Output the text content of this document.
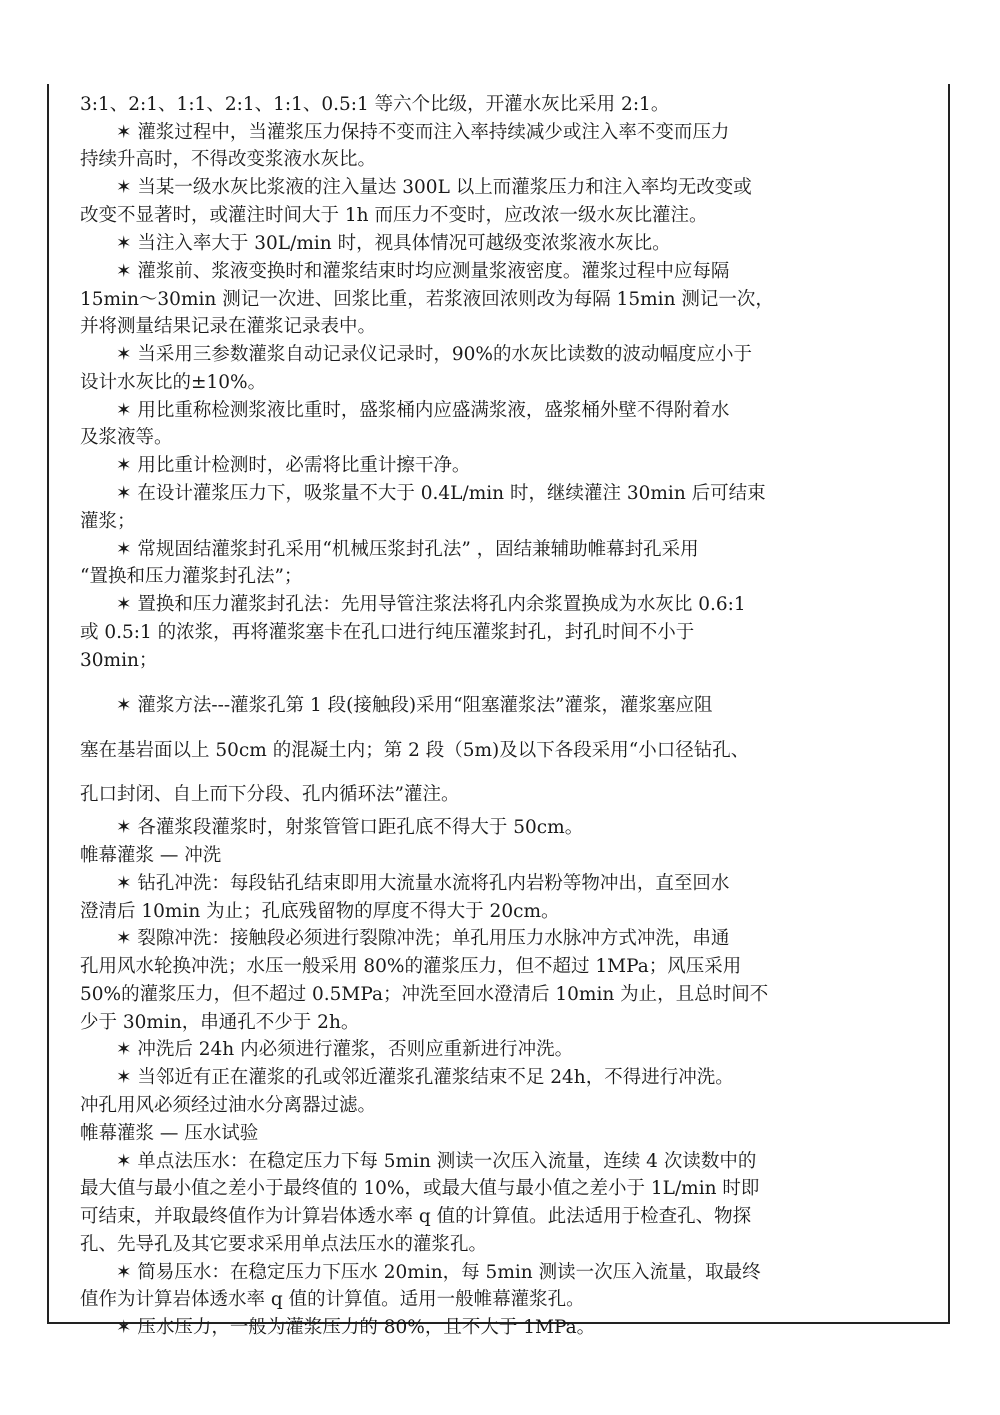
3:1、2:1、1:1、2:1、1:1、0.5:1 等六个比级，开灌水灰比采用 2:1。
✶ 灌浆过程中，当灌浆压力保持不变而注入率持续减少或注入率不变而压力
持续升高时，不得改变浆液水灰比。
✶ 当某一级水灰比浆液的注入量达 300L 以上而灌浆压力和注入率均无改变或
改变不显著时，或灌注时间大于 1h 而压力不变时，应改浓一级水灰比灌注。
✶ 当注入率大于 30L/min 时，视具体情况可越级变浓浆液水灰比。
✶ 灌浆前、浆液变换时和灌浆结束时均应测量浆液密度。灌浆过程中应每隔
15min～30min 测记一次进、回浆比重，若浆液回浓则改为每隔 15min 测记一次，
并将测量结果记录在灌浆记录表中。
✶ 当采用三参数灌浆自动记录仪记录时，90%的水灰比读数的波动幅度应小于
设计水灰比的±10%。
✶ 用比重称检测浆液比重时，盛浆桶内应盛满浆液，盛浆桶外壁不得附着水
及浆液等。
✶ 用比重计检测时，必需将比重计擦干净。
✶ 在设计灌浆压力下，吸浆量不大于 0.4L/min 时，继续灌注 30min 后可结束
灌浆；
✶ 常规固结灌浆封孔采用“机械压浆封孔法” ，固结兼辅助帷幕封孔采用
“置换和压力灌浆封孔法”；
✶ 置换和压力灌浆封孔法：先用导管注浆法将孔内余浆置换成为水灰比 0.6:1
或 0.5:1 的浓浆，再将灌浆塞卡在孔口进行纯压灌浆封孔，封孔时间不小于
30min；
✶ 灌浆方法---灌浆孔第 1 段(接触段)采用“阻塞灌浆法”灌浆，灌浆塞应阻
塞在基岩面以上 50cm 的混凝土内；第 2 段（5m)及以下各段采用“小口径钻孔、
孔口封闭、自上而下分段、孔内循环法”灌注。
✶ 各灌浆段灌浆时，射浆管管口距孔底不得大于 50cm。
帷幕灌浆 — 冲洗
✶ 钻孔冲洗：每段钻孔结束即用大流量水流将孔内岩粉等物冲出，直至回水
澄清后 10min 为止；孔底残留物的厚度不得大于 20cm。
✶ 裂隙冲洗：接触段必须进行裂隙冲洗；单孔用压力水脉冲方式冲洗，串通
孔用风水轮换冲洗；水压一般采用 80%的灌浆压力，但不超过 1MPa；风压采用
50%的灌浆压力，但不超过 0.5MPa；冲洗至回水澄清后 10min 为止，且总时间不
少于 30min，串通孔不少于 2h。
✶ 冲洗后 24h 内必须进行灌浆，否则应重新进行冲洗。
✶ 当邻近有正在灌浆的孔或邻近灌浆孔灌浆结束不足 24h，不得进行冲洗。
冲孔用风必须经过油水分离器过滤。
帷幕灌浆 — 压水试验
✶ 单点法压水：在稳定压力下每 5min 测读一次压入流量，连续 4 次读数中的
最大值与最小值之差小于最终值的 10%，或最大值与最小值之差小于 1L/min 时即
可结束，并取最终值作为计算岩体透水率 q 值的计算值。此法适用于检查孔、物探
孔、先导孔及其它要求采用单点法压水的灌浆孔。
✶ 简易压水：在稳定压力下压水 20min，每 5min 测读一次压入流量，取最终
值作为计算岩体透水率 q 值的计算值。适用一般帷幕灌浆孔。
✶ 压水压力，一般为灌浆压力的 80%，且不大于 1MPa。
